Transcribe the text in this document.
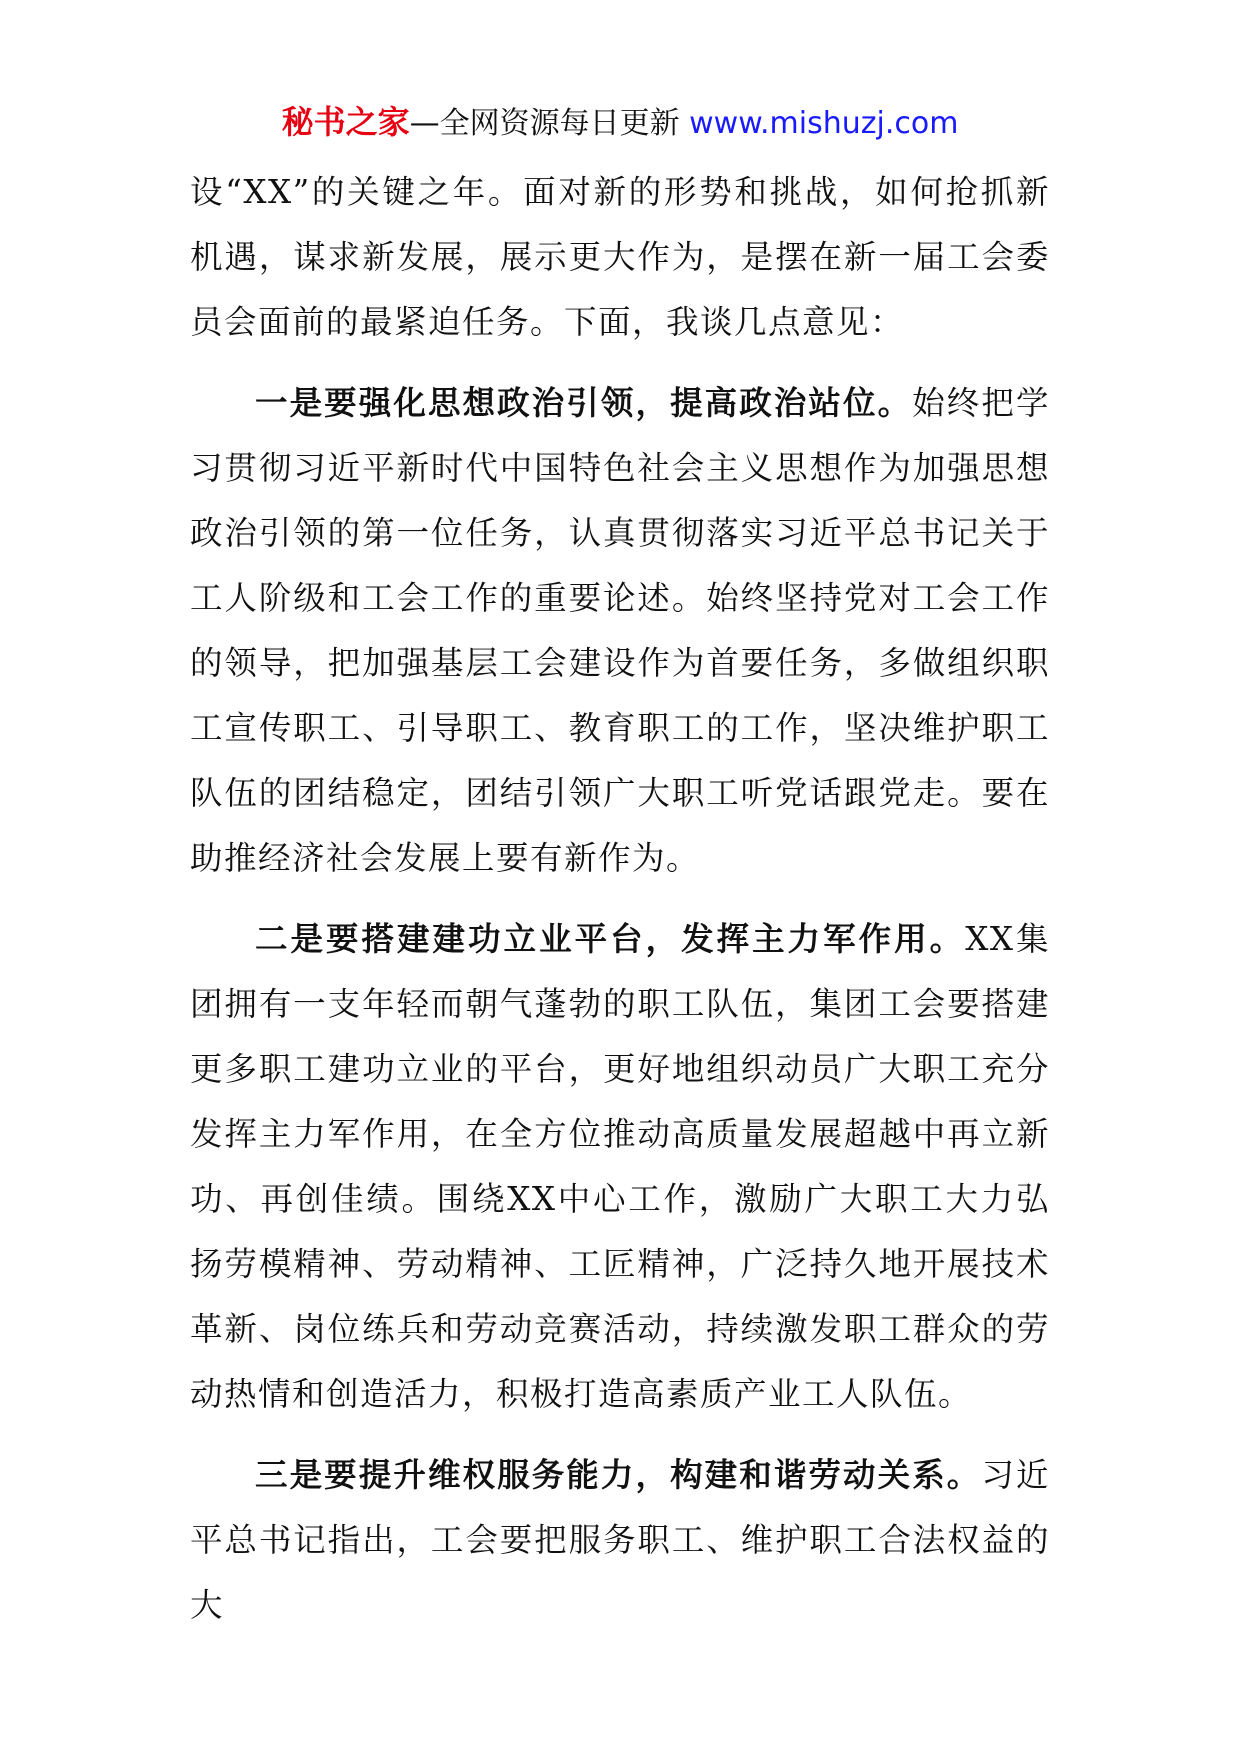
秘书之家—全网资源每日更新 www.mishuzj.com

设“XX”的关键之年。面对新的形势和挑战，如何抢抓新机遇，谋求新发展，展示更大作为，是摆在新一届工会委员会面前的最紧迫任务。下面，我谈几点意见：

一是要强化思想政治引领，提高政治站位。始终把学习贯彻习近平新时代中国特色社会主义思想作为加强思想政治引领的第一位任务，认真贯彻落实习近平总书记关于工人阶级和工会工作的重要论述。始终坚持党对工会工作的领导，把加强基层工会建设作为首要任务，多做组织职工宣传职工、引导职工、教育职工的工作，坚决维护职工队伍的团结稳定，团结引领广大职工听党话跟党走。要在助推经济社会发展上要有新作为。

二是要搭建建功立业平台，发挥主力军作用。XX集团拥有一支年轻而朝气蓬勃的职工队伍，集团工会要搭建更多职工建功立业的平台，更好地组织动员广大职工充分发挥主力军作用，在全方位推动高质量发展超越中再立新功、再创佳绩。围绕XX中心工作，激励广大职工大力弘扬劳模精神、劳动精神、工匠精神，广泛持久地开展技术革新、岗位练兵和劳动竞赛活动，持续激发职工群众的劳动热情和创造活力，积极打造高素质产业工人队伍。

三是要提升维权服务能力，构建和谐劳动关系。习近平总书记指出，工会要把服务职工、维护职工合法权益的大
